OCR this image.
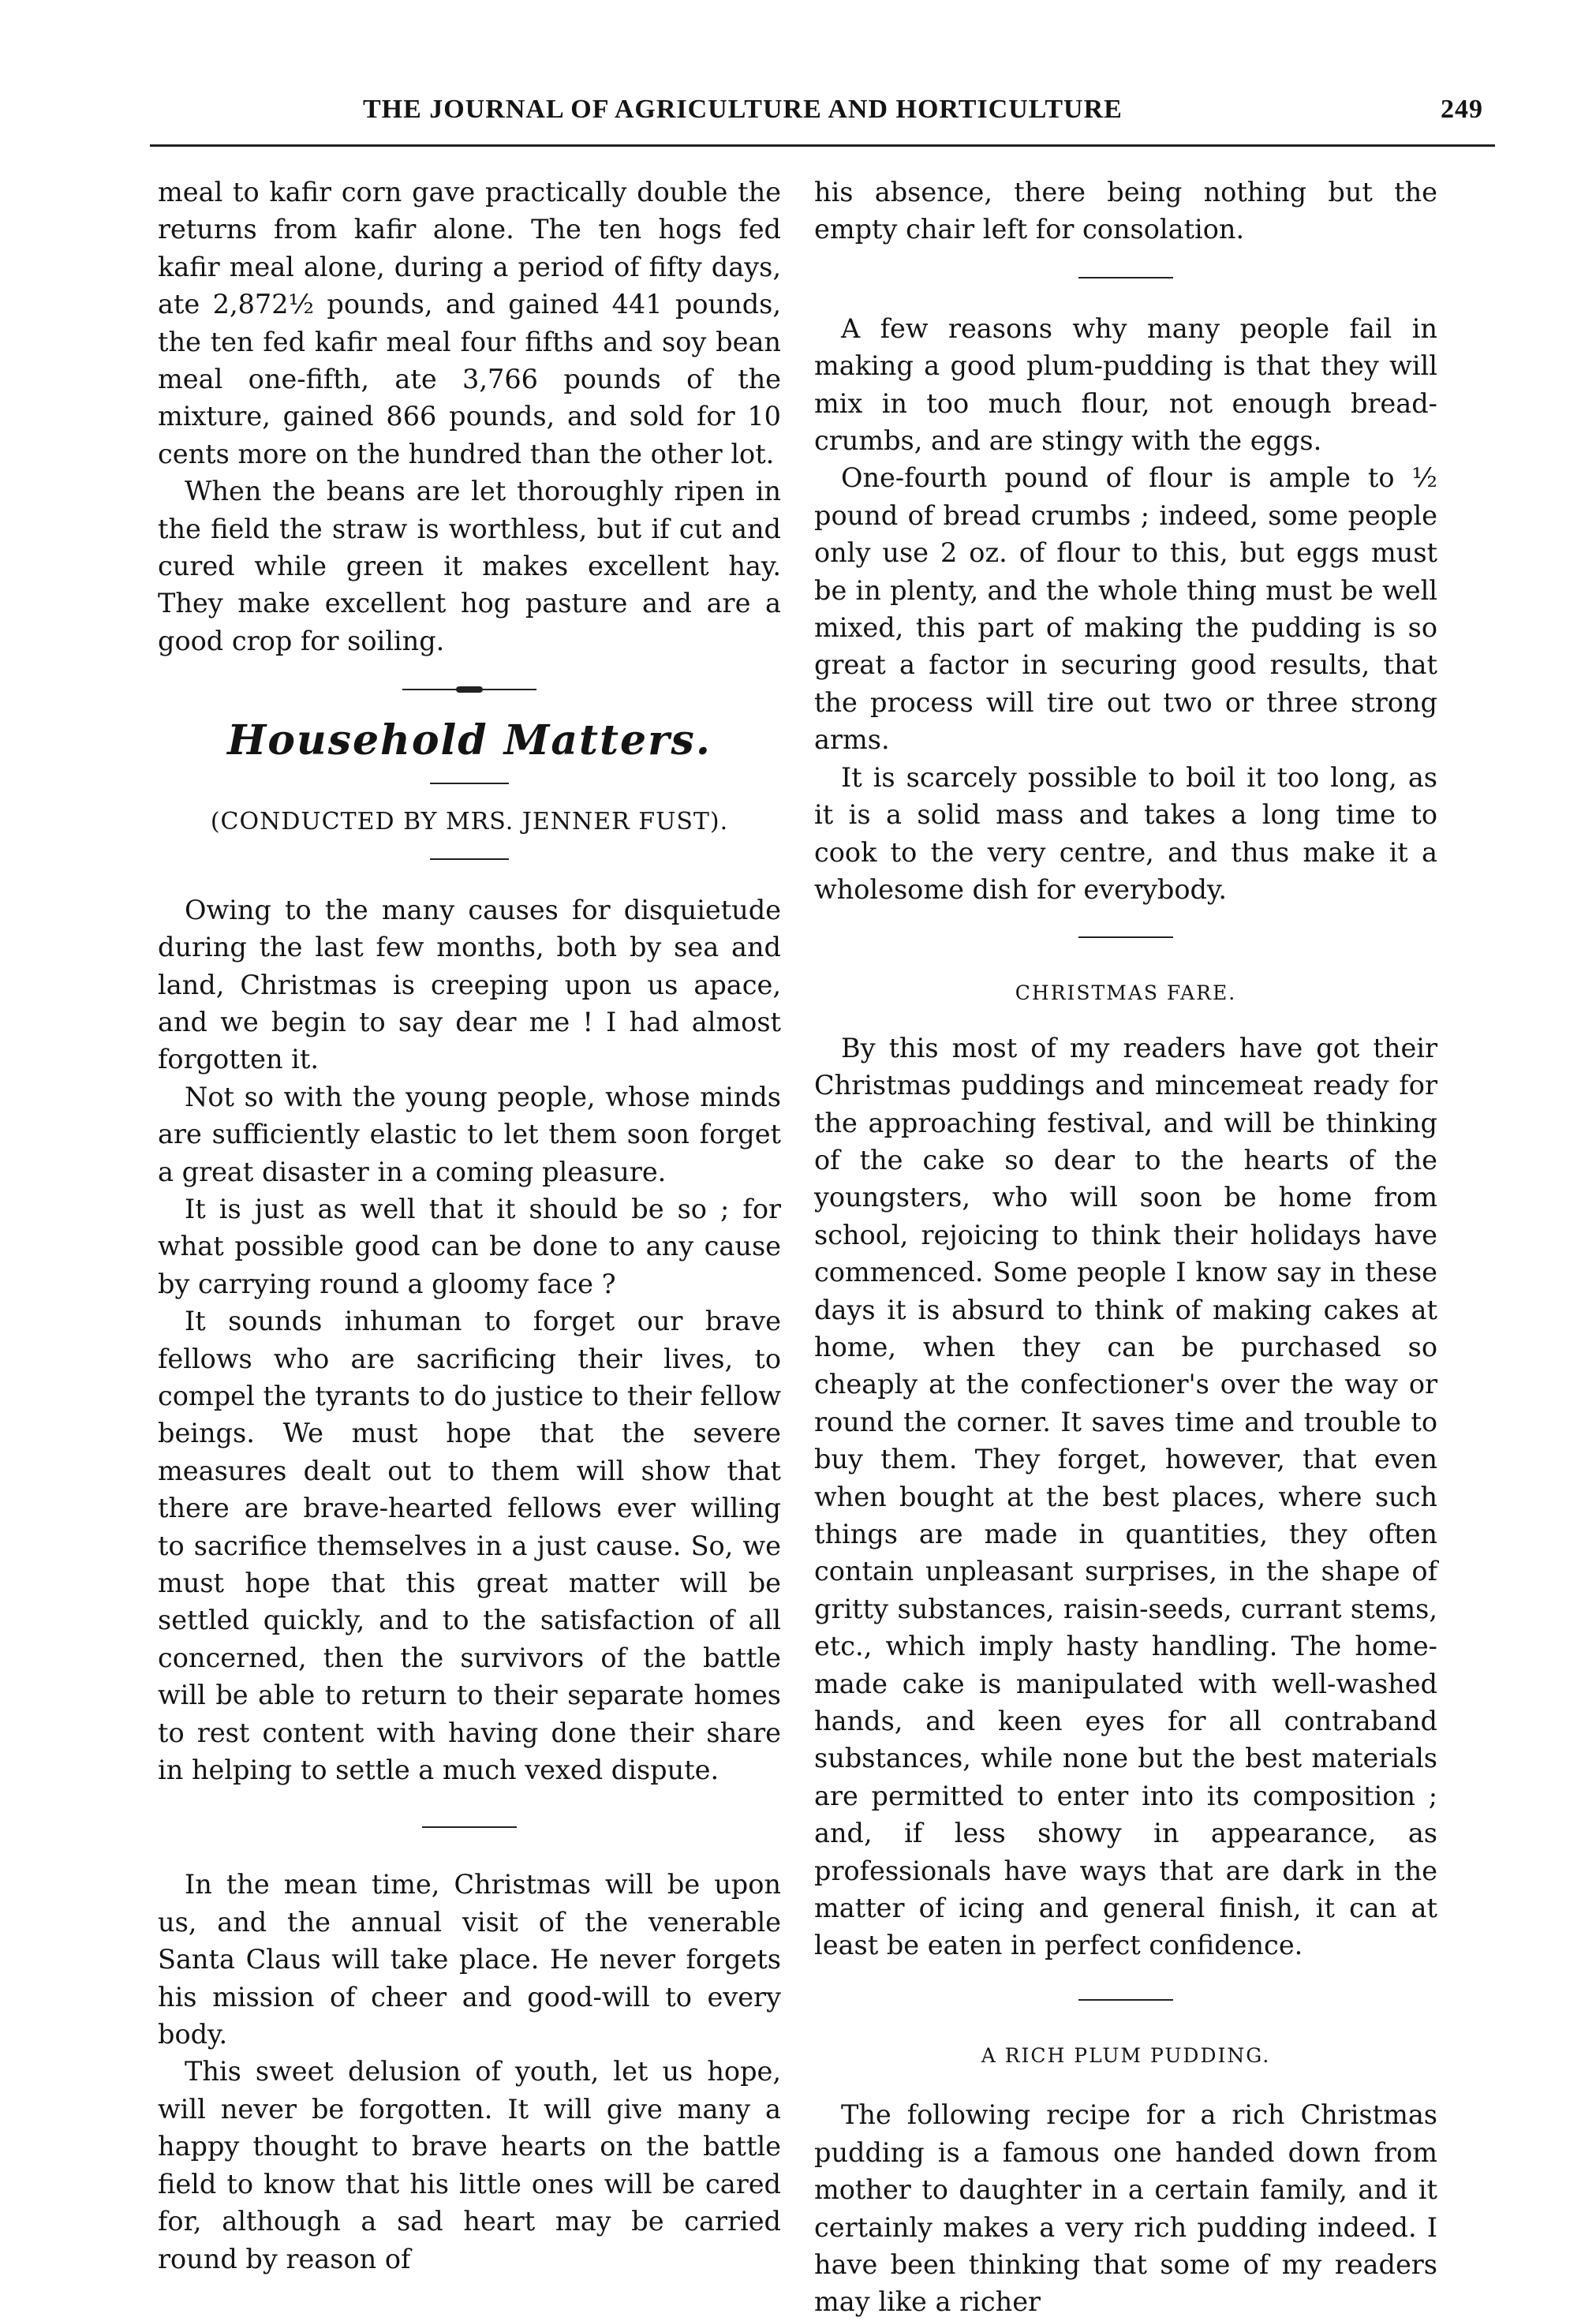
THE JOURNAL OF AGRICULTURE AND HORTICULTURE	249

meal to kafir corn gave practically double the returns from kafir alone. The ten hogs fed kafir meal alone, during a period of fifty days, ate 2,872½ pounds, and gained 441 pounds, the ten fed kafir meal four fifths and soy bean meal one-fifth, ate 3,766 pounds of the mixture, gained 866 pounds, and sold for 10 cents more on the hundred than the other lot.

When the beans are let thoroughly ripen in the field the straw is worthless, but if cut and cured while green it makes excellent hay. They make excellent hog pasture and are a good crop for soiling.

Household Matters.
(CONDUCTED BY MRS. JENNER FUST).

Owing to the many causes for disquietude during the last few months, both by sea and land, Christmas is creeping upon us apace, and we begin to say dear me ! I had almost forgotten it.

Not so with the young people, whose minds are sufficiently elastic to let them soon forget a great disaster in a coming pleasure.

It is just as well that it should be so ; for what possible good can be done to any cause by carrying round a gloomy face ?

It sounds inhuman to forget our brave fellows who are sacrificing their lives, to compel the tyrants to do justice to their fellow beings. We must hope that the severe measures dealt out to them will show that there are brave-hearted fellows ever willing to sacrifice themselves in a just cause. So, we must hope that this great matter will be settled quickly, and to the satisfaction of all concerned, then the survivors of the battle will be able to return to their separate homes to rest content with having done their share in helping to settle a much vexed dispute.

In the mean time, Christmas will be upon us, and the annual visit of the venerable Santa Claus will take place. He never forgets his mission of cheer and good-will to every body.

This sweet delusion of youth, let us hope, will never be forgotten. It will give many a happy thought to brave hearts on the battle field to know that his little ones will be cared for, although a sad heart may be carried round by reason of

his absence, there being nothing but the empty chair left for consolation.

A few reasons why many people fail in making a good plum-pudding is that they will mix in too much flour, not enough bread-crumbs, and are stingy with the eggs.

One-fourth pound of flour is ample to ½ pound of bread crumbs ; indeed, some people only use 2 oz. of flour to this, but eggs must be in plenty, and the whole thing must be well mixed, this part of making the pudding is so great a factor in securing good results, that the process will tire out two or three strong arms.

It is scarcely possible to boil it too long, as it is a solid mass and takes a long time to cook to the very centre, and thus make it a wholesome dish for everybody.

CHRISTMAS FARE.

By this most of my readers have got their Christmas puddings and mincemeat ready for the approaching festival, and will be thinking of the cake so dear to the hearts of the youngsters, who will soon be home from school, rejoicing to think their holidays have commenced. Some people I know say in these days it is absurd to think of making cakes at home, when they can be purchased so cheaply at the confectioner's over the way or round the corner. It saves time and trouble to buy them. They forget, however, that even when bought at the best places, where such things are made in quantities, they often contain unpleasant surprises, in the shape of gritty substances, raisin-seeds, currant stems, etc., which imply hasty handling. The home-made cake is manipulated with well-washed hands, and keen eyes for all contraband substances, while none but the best materials are permitted to enter into its composition ; and, if less showy in appearance, as professionals have ways that are dark in the matter of icing and general finish, it can at least be eaten in perfect confidence.

A RICH PLUM PUDDING.

The following recipe for a rich Christmas pudding is a famous one handed down from mother to daughter in a certain family, and it certainly makes a very rich pudding indeed. I have been thinking that some of my readers may like a richer
